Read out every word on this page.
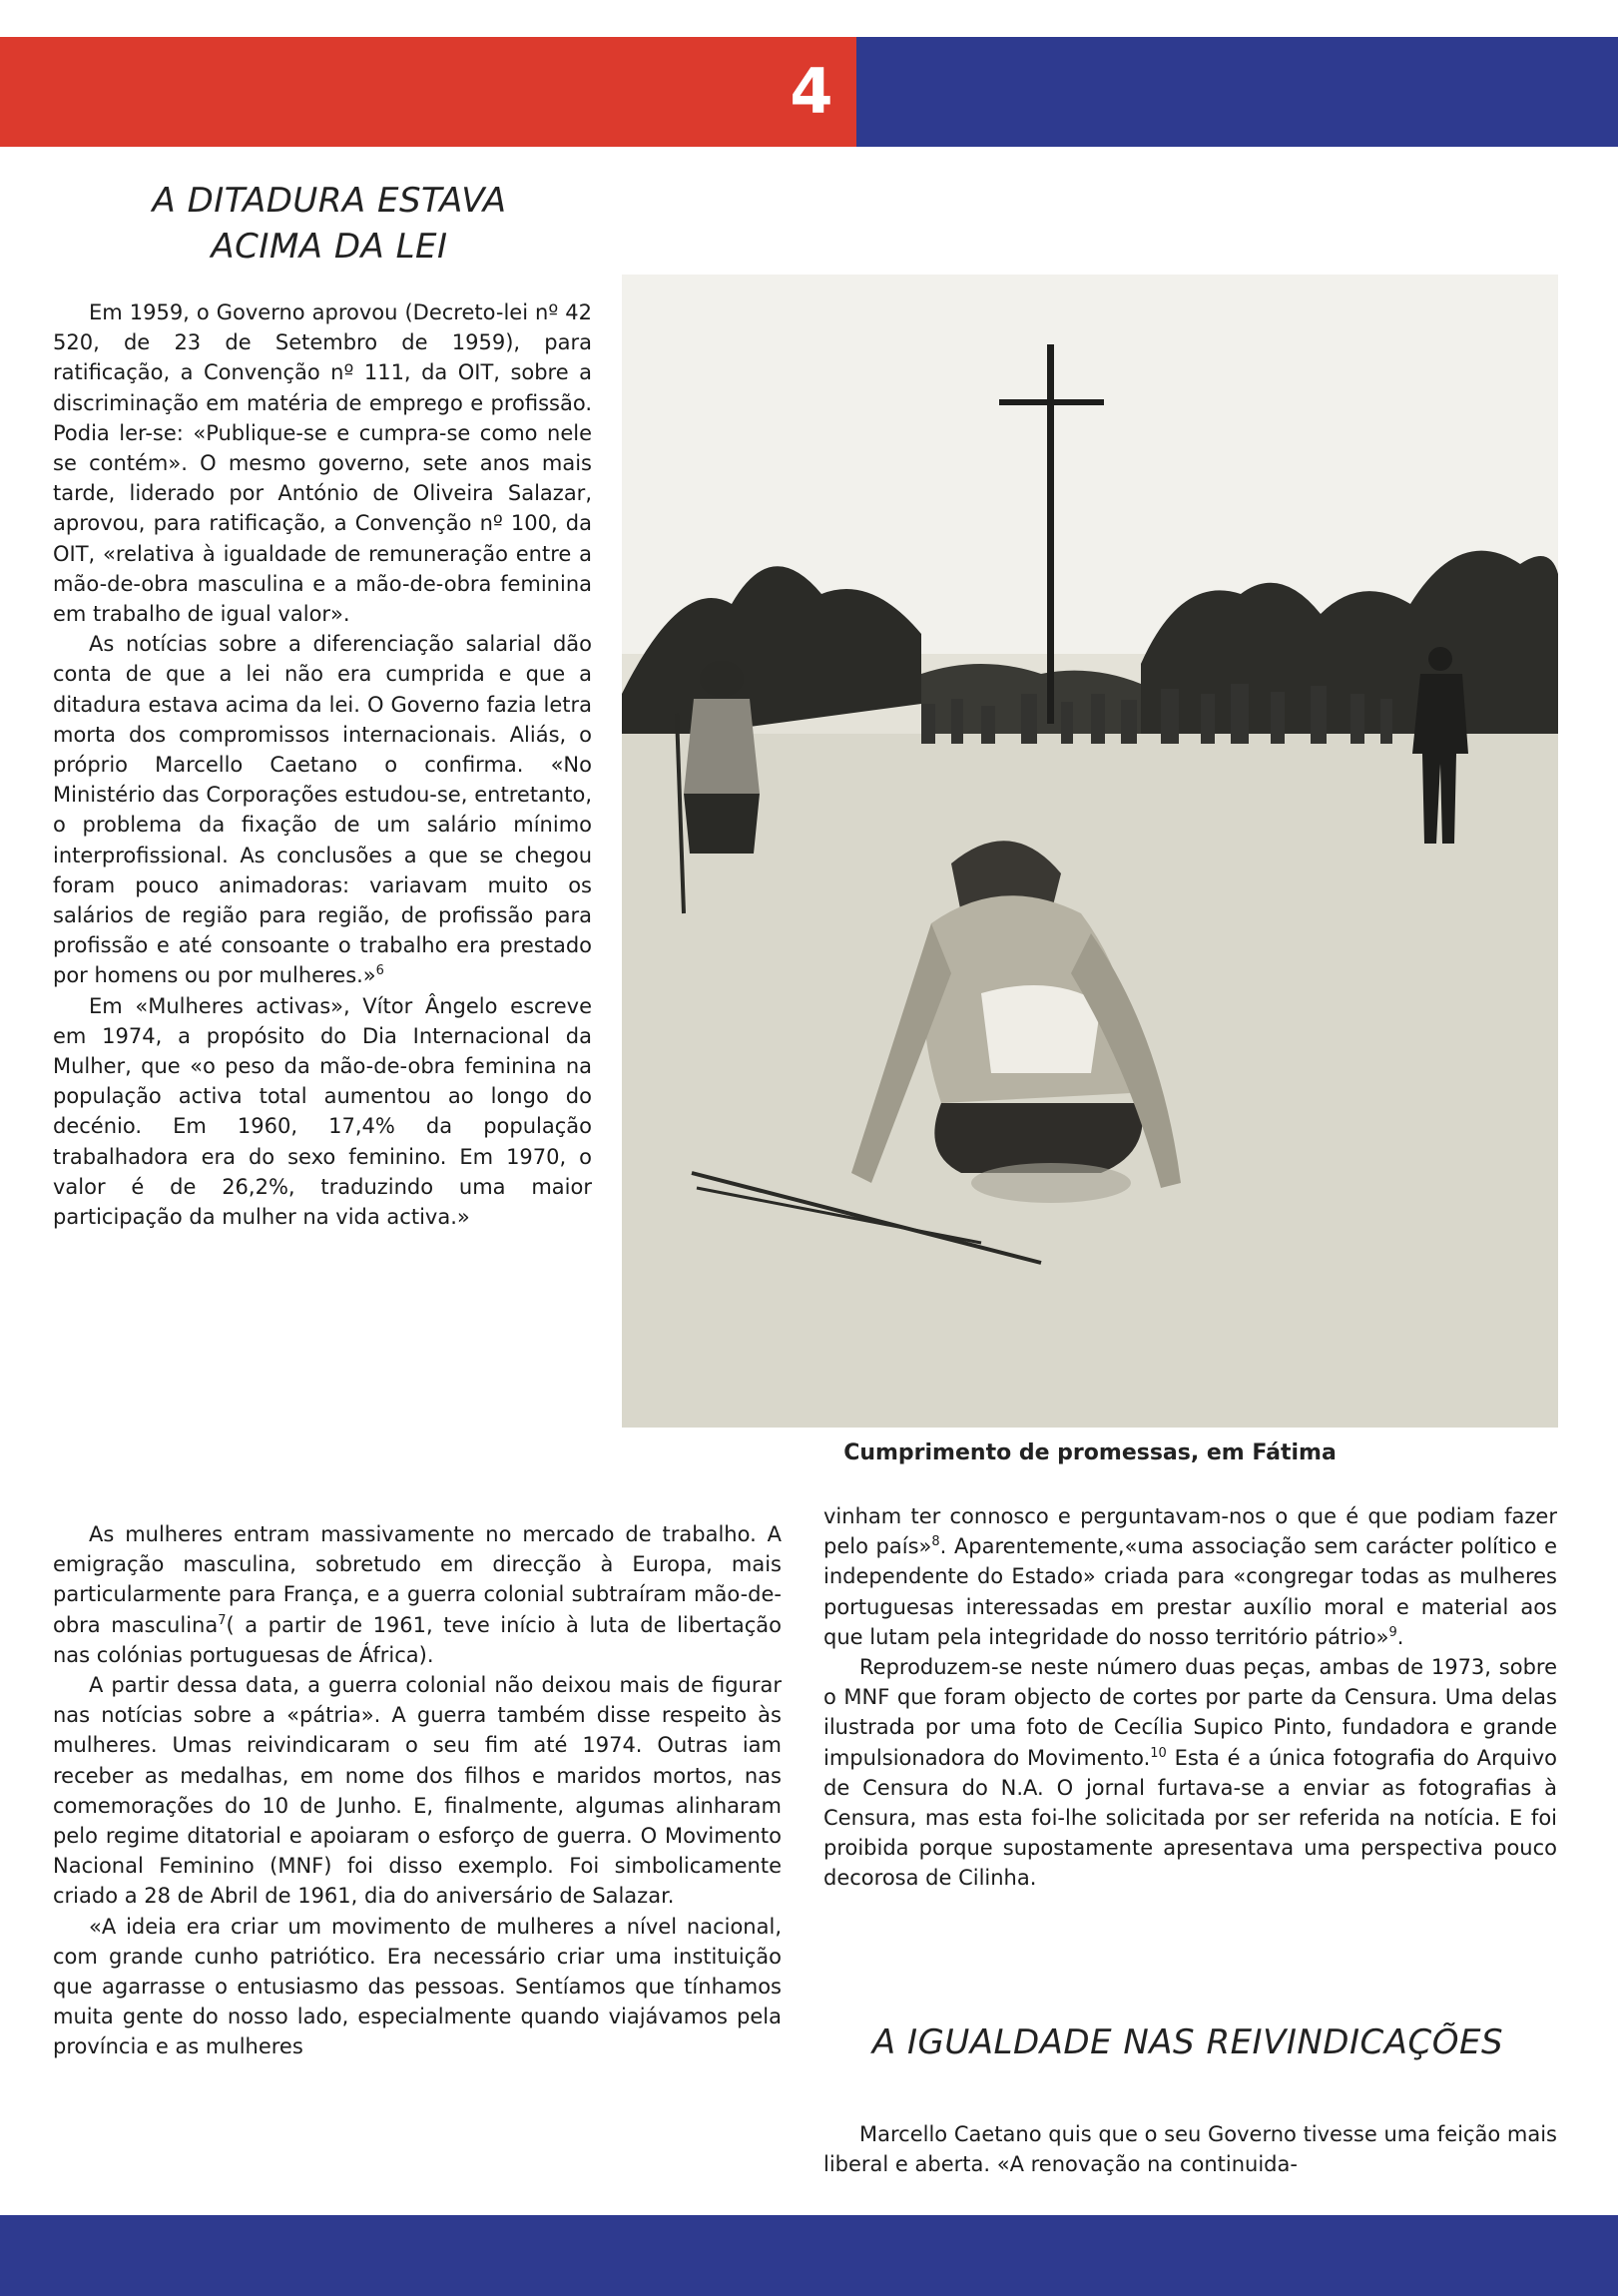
4
A DITADURA ESTAVA
ACIMA DA LEI

Em 1959, o Governo aprovou (Decreto-lei nº 42 520, de 23 de Setembro de 1959), para ratificação, a Convenção nº 111, da OIT, sobre a discriminação em matéria de emprego e profissão. Podia ler-se: «Publique-se e cumpra-se como nele se contém». O mesmo governo, sete anos mais tarde, liderado por António de Oliveira Salazar, aprovou, para ratificação, a Convenção nº 100, da OIT, «relativa à igualdade de remuneração entre a mão-de-obra masculina e a mão-de-obra feminina em trabalho de igual valor».

As notícias sobre a diferenciação salarial dão conta de que a lei não era cumprida e que a ditadura estava acima da lei. O Governo fazia letra morta dos compromissos internacionais. Aliás, o próprio Marcello Caetano o confirma. «No Ministério das Corporações estudou-se, entretanto, o problema da fixação de um salário mínimo interprofissional. As conclusões a que se chegou foram pouco animadoras: variavam muito os salários de região para região, de profissão para profissão e até consoante o trabalho era prestado por homens ou por mulheres.»$^6$

Em «Mulheres activas», Vítor Ângelo escreve em 1974, a propósito do Dia Internacional da Mulher, que «o peso da mão-de-obra feminina na população activa total aumentou ao longo do decénio. Em 1960, 17,4% da população trabalhadora era do sexo feminino. Em 1970, o valor é de 26,2%, traduzindo uma maior participação da mulher na vida activa.»

As mulheres entram massivamente no mercado de trabalho. A emigração masculina, sobretudo em direcção à Europa, mais particularmente para França, e a guerra colonial subtraíram mão-de-obra masculina$^7$( a partir de 1961, teve início à luta de libertação nas colónias portuguesas de África).

A partir dessa data, a guerra colonial não deixou mais de figurar nas notícias sobre a «pátria». A guerra também disse respeito às mulheres. Umas reivindicaram o seu fim até 1974. Outras iam receber as medalhas, em nome dos filhos e maridos mortos, nas comemorações do 10 de Junho. E, finalmente, algumas alinharam pelo regime ditatorial e apoiaram o esforço de guerra. O Movimento Nacional Feminino (MNF) foi disso exemplo. Foi simbolicamente criado a 28 de Abril de 1961, dia do aniversário de Salazar.

«A ideia era criar um movimento de mulheres a nível nacional, com grande cunho patriótico. Era necessário criar uma instituição que agarrasse o entusiasmo das pessoas. Sentíamos que tínhamos muita gente do nosso lado, especialmente quando viajávamos pela província e as mulheres

Cumprimento de promessas, em Fátima

vinham ter connosco e perguntavam-nos o que é que podiam fazer pelo país»$^8$. Aparentemente,«uma associação sem carácter político e independente do Estado» criada para «congregar todas as mulheres portuguesas interessadas em prestar auxílio moral e material aos que lutam pela integridade do nosso território pátrio»$^9$.

Reproduzem-se neste número duas peças, ambas de 1973, sobre o MNF que foram objecto de cortes por parte da Censura. Uma delas ilustrada por uma foto de Cecília Supico Pinto, fundadora e grande impulsionadora do Movimento.$^{10}$ Esta é a única fotografia do Arquivo de Censura do N.A. O jornal furtava-se a enviar as fotografias à Censura, mas esta foi-lhe solicitada por ser referida na notícia. E foi proibida porque supostamente apresentava uma perspectiva pouco decorosa de Cilinha.

A IGUALDADE NAS REIVINDICAÇÕES

Marcello Caetano quis que o seu Governo tivesse uma feição mais liberal e aberta. «A renovação na continuida-
